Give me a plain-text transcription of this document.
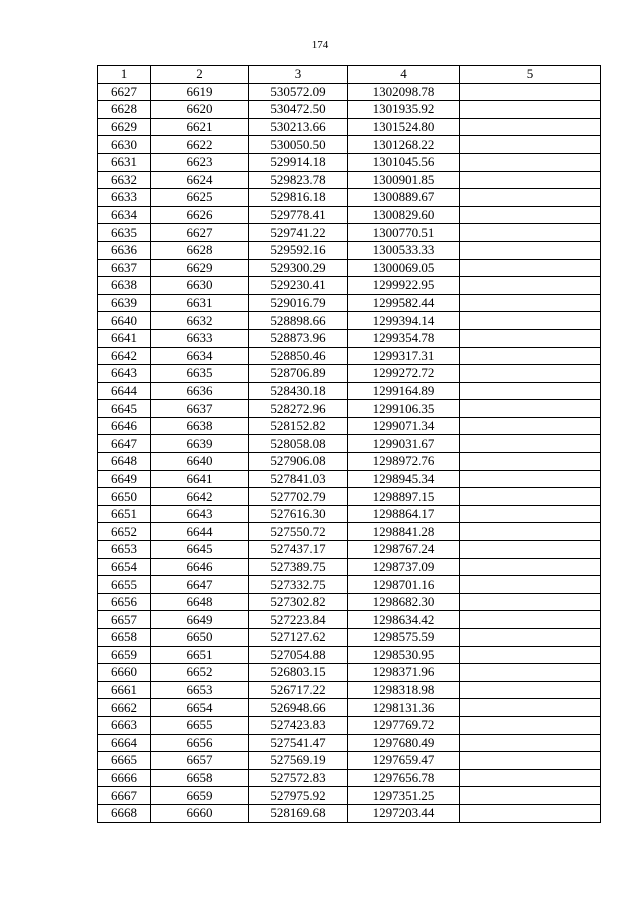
174
1	2	3	4	5
6627	6619	530572.09	1302098.78	
6628	6620	530472.50	1301935.92	
6629	6621	530213.66	1301524.80	
6630	6622	530050.50	1301268.22	
6631	6623	529914.18	1301045.56	
6632	6624	529823.78	1300901.85	
6633	6625	529816.18	1300889.67	
6634	6626	529778.41	1300829.60	
6635	6627	529741.22	1300770.51	
6636	6628	529592.16	1300533.33	
6637	6629	529300.29	1300069.05	
6638	6630	529230.41	1299922.95	
6639	6631	529016.79	1299582.44	
6640	6632	528898.66	1299394.14	
6641	6633	528873.96	1299354.78	
6642	6634	528850.46	1299317.31	
6643	6635	528706.89	1299272.72	
6644	6636	528430.18	1299164.89	
6645	6637	528272.96	1299106.35	
6646	6638	528152.82	1299071.34	
6647	6639	528058.08	1299031.67	
6648	6640	527906.08	1298972.76	
6649	6641	527841.03	1298945.34	
6650	6642	527702.79	1298897.15	
6651	6643	527616.30	1298864.17	
6652	6644	527550.72	1298841.28	
6653	6645	527437.17	1298767.24	
6654	6646	527389.75	1298737.09	
6655	6647	527332.75	1298701.16	
6656	6648	527302.82	1298682.30	
6657	6649	527223.84	1298634.42	
6658	6650	527127.62	1298575.59	
6659	6651	527054.88	1298530.95	
6660	6652	526803.15	1298371.96	
6661	6653	526717.22	1298318.98	
6662	6654	526948.66	1298131.36	
6663	6655	527423.83	1297769.72	
6664	6656	527541.47	1297680.49	
6665	6657	527569.19	1297659.47	
6666	6658	527572.83	1297656.78	
6667	6659	527975.92	1297351.25	
6668	6660	528169.68	1297203.44	
